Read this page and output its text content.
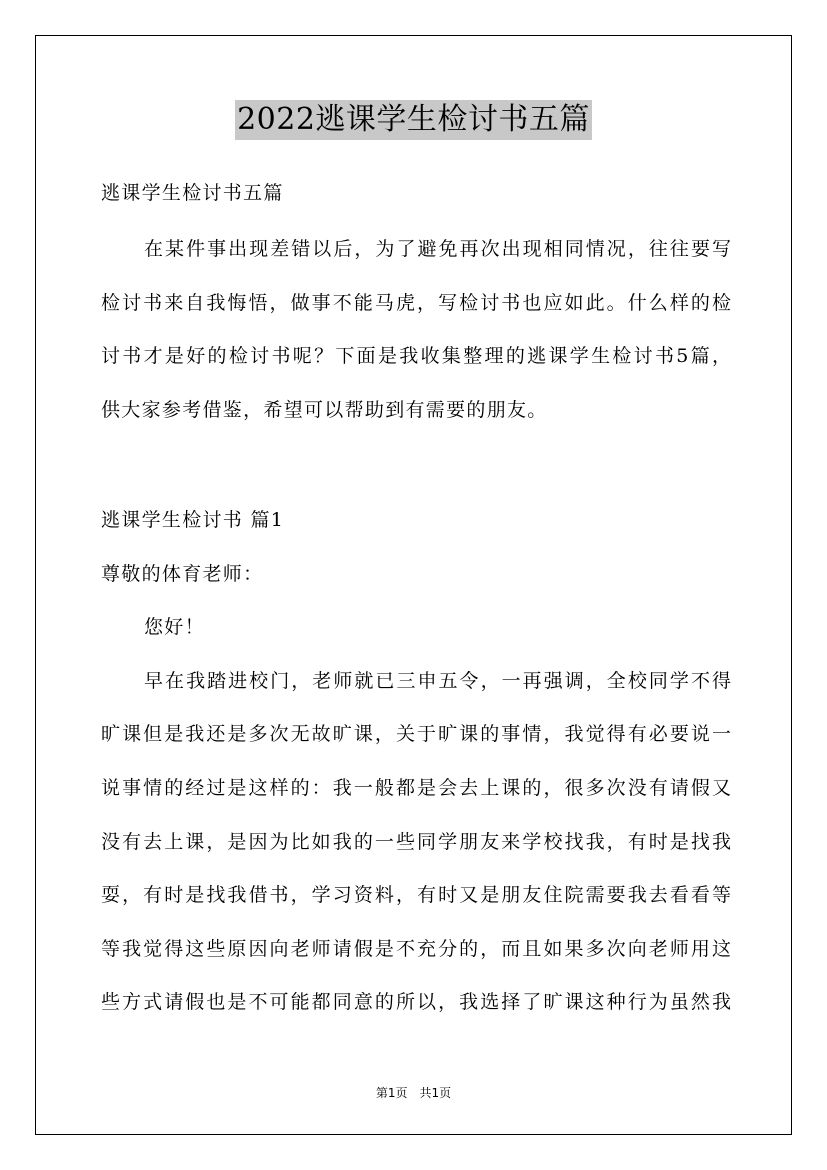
2022逃课学生检讨书五篇
逃课学生检讨书五篇
在某件事出现差错以后，为了避免再次出现相同情况，往往要写
检讨书来自我悔悟，做事不能马虎，写检讨书也应如此。什么样的检
讨书才是好的检讨书呢？下面是我收集整理的逃课学生检讨书5篇，
供大家参考借鉴，希望可以帮助到有需要的朋友。
逃课学生检讨书 篇1
尊敬的体育老师：
您好！
早在我踏进校门，老师就已三申五令，一再强调，全校同学不得
旷课但是我还是多次无故旷课，关于旷课的事情，我觉得有必要说一
说事情的经过是这样的：我一般都是会去上课的，很多次没有请假又
没有去上课，是因为比如我的一些同学朋友来学校找我，有时是找我
耍，有时是找我借书，学习资料，有时又是朋友住院需要我去看看等
等我觉得这些原因向老师请假是不充分的，而且如果多次向老师用这
些方式请假也是不可能都同意的所以，我选择了旷课这种行为虽然我
第1页　共1页
